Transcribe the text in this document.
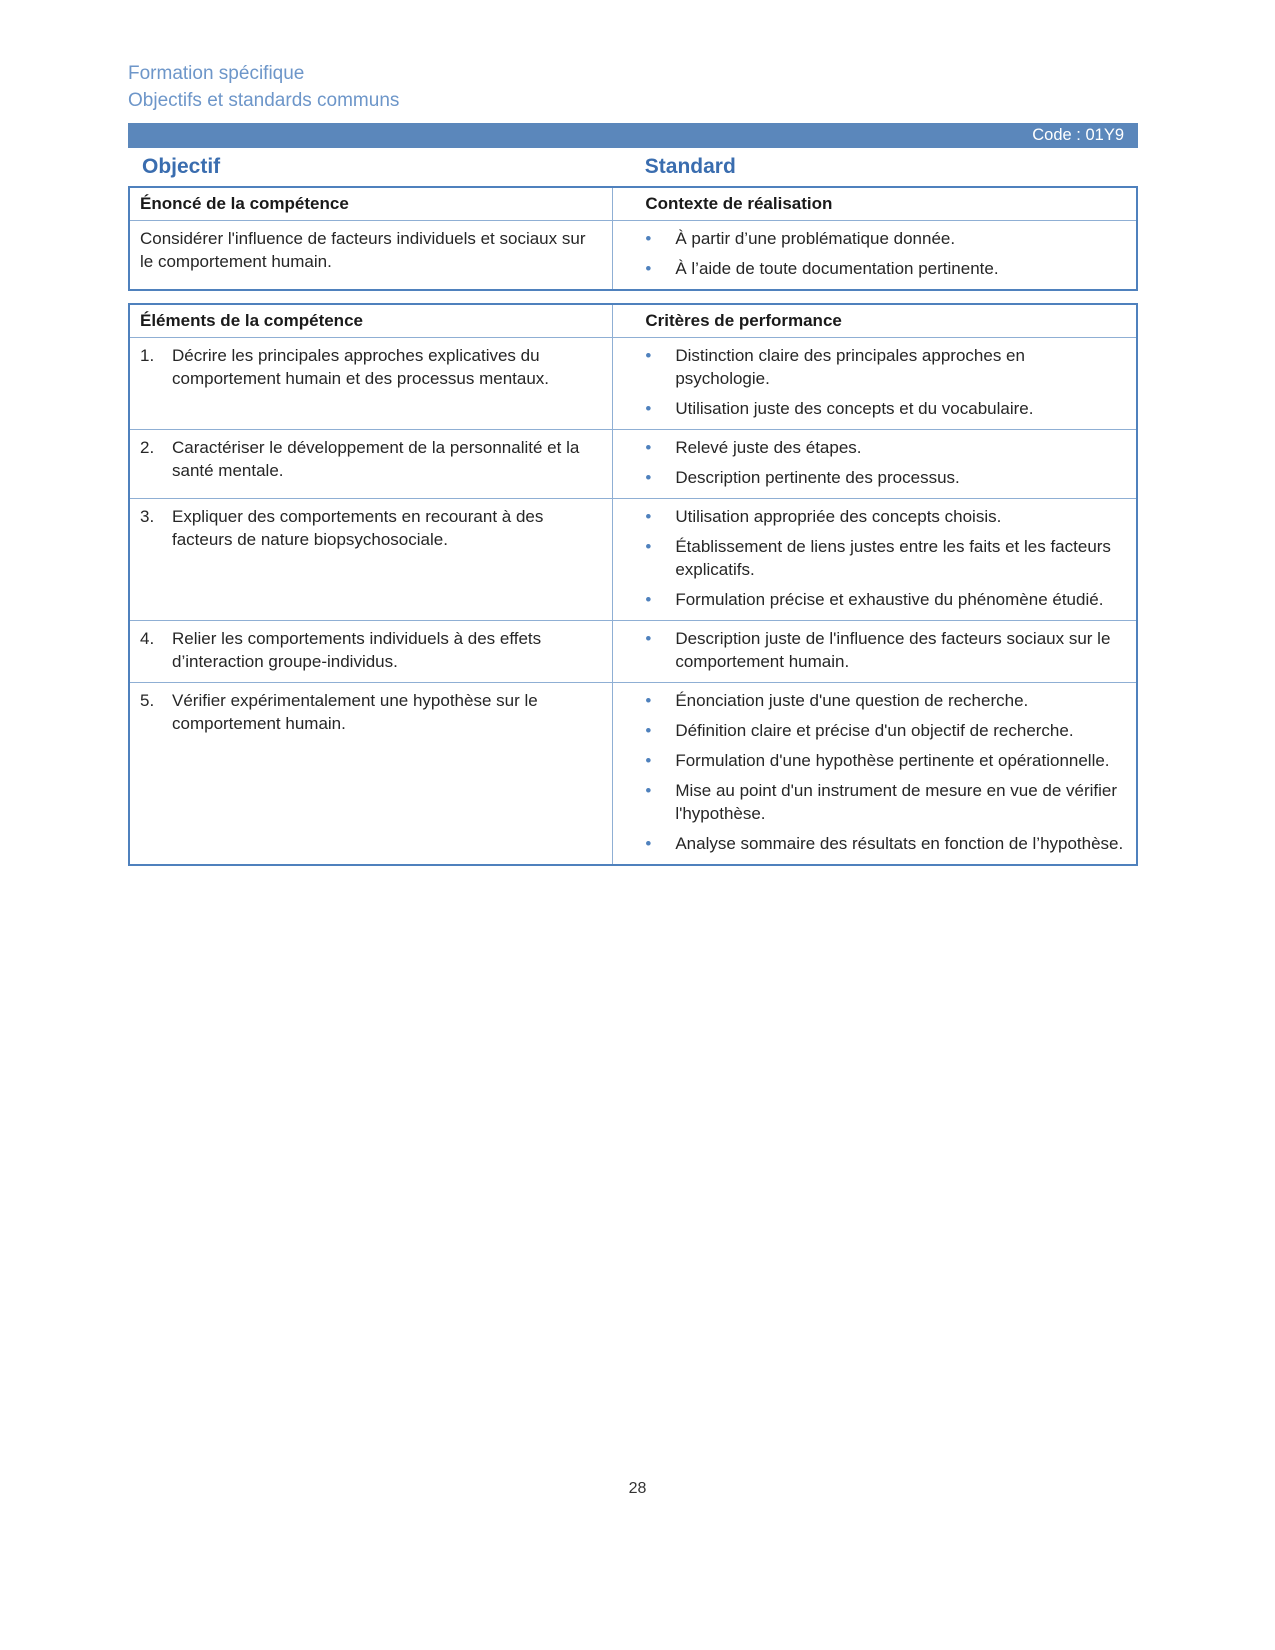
Formation spécifique
Objectifs et standards communs
Code : 01Y9
Objectif	Standard
Énoncé de la compétence	Contexte de réalisation
Considérer l'influence de facteurs individuels et sociaux sur le comportement humain.	
•	À partir d’une problématique donnée.
•	À l’aide de toute documentation pertinente.
Éléments de la compétence	Critères de performance

1.	Décrire les principales approches explicatives du comportement humain et des processus mentaux.

•	Distinction claire des principales approches en psychologie.
•	Utilisation juste des concepts et du vocabulaire.

2.	Caractériser le développement de la personnalité et la santé mentale.

•	Relevé juste des étapes.
•	Description pertinente des processus.

3.	Expliquer des comportements en recourant à des facteurs de nature biopsychosociale.

•	Utilisation appropriée des concepts choisis.
•	Établissement de liens justes entre les faits et les facteurs explicatifs.
•	Formulation précise et exhaustive du phénomène étudié.

4.	Relier les comportements individuels à des effets d’interaction groupe-individus.

•	Description juste de l'influence des facteurs sociaux sur le comportement humain.

5.	Vérifier expérimentalement une hypothèse sur le comportement humain.

•	Énonciation juste d'une question de recherche.
•	Définition claire et précise d'un objectif de recherche.
•	Formulation d'une hypothèse pertinente et opérationnelle.
•	Mise au point d'un instrument de mesure en vue de vérifier l'hypothèse.
•	Analyse sommaire des résultats en fonction de l’hypothèse.
28
